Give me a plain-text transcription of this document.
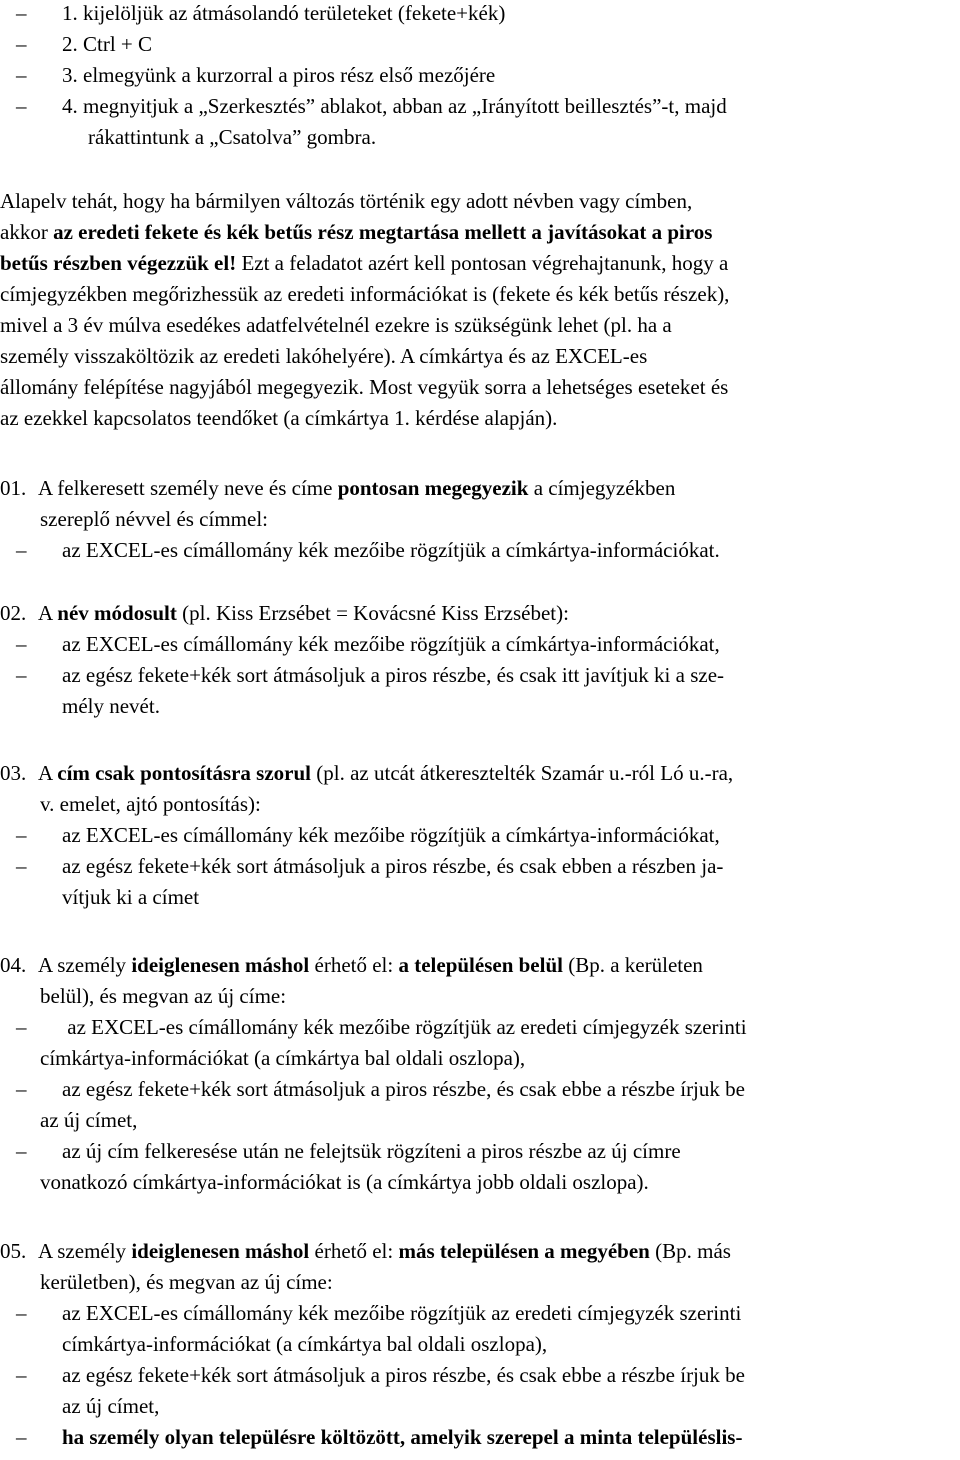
– 1. kijelöljük az átmásolandó területeket (fekete+kék)
– 2. Ctrl + C
– 3. elmegyünk a kurzorral a piros rész első mezőjére
– 4. megnyitjuk a „Szerkesztés” ablakot, abban az „Irányított beillesztés”-t, majd
rákattintunk a „Csatolva” gombra.
Alapelv tehát, hogy ha bármilyen változás történik egy adott névben vagy címben,
akkor az eredeti fekete és kék betűs rész megtartása mellett a javításokat a piros
betűs részben végezzük el! Ezt a feladatot azért kell pontosan végrehajtanunk, hogy a
címjegyzékben megőrizhessük az eredeti információkat is (fekete és kék betűs részek),
mivel a 3 év múlva esedékes adatfelvételnél ezekre is szükségünk lehet (pl. ha a
személy visszaköltözik az eredeti lakóhelyére). A címkártya és az EXCEL-es
állomány felépítése nagyjából megegyezik. Most vegyük sorra a lehetséges eseteket és
az ezekkel kapcsolatos teendőket (a címkártya 1. kérdése alapján).
01. A felkeresett személy neve és címe pontosan megegyezik a címjegyzékben
szereplő névvel és címmel:
– az EXCEL-es címállomány kék mezőibe rögzítjük a címkártya-információkat.
02. A név módosult (pl. Kiss Erzsébet = Kovácsné Kiss Erzsébet):
– az EXCEL-es címállomány kék mezőibe rögzítjük a címkártya-információkat,
– az egész fekete+kék sort átmásoljuk a piros részbe, és csak itt javítjuk ki a sze-
mély nevét.
03. A cím csak pontosításra szorul (pl. az utcát átkeresztelték Szamár u.-ról Ló u.-ra,
v. emelet, ajtó pontosítás):
– az EXCEL-es címállomány kék mezőibe rögzítjük a címkártya-információkat,
– az egész fekete+kék sort átmásoljuk a piros részbe, és csak ebben a részben ja-
vítjuk ki a címet
04. A személy ideiglenesen máshol érhető el: a településen belül (Bp. a kerületen
belül), és megvan az új címe:
– az EXCEL-es címállomány kék mezőibe rögzítjük az eredeti címjegyzék szerinti
címkártya-információkat (a címkártya bal oldali oszlopa),
– az egész fekete+kék sort átmásoljuk a piros részbe, és csak ebbe a részbe írjuk be
az új címet,
– az új cím felkeresése után ne felejtsük rögzíteni a piros részbe az új címre
vonatkozó címkártya-információkat is (a címkártya jobb oldali oszlopa).
05. A személy ideiglenesen máshol érhető el: más településen a megyében (Bp. más
kerületben), és megvan az új címe:
– az EXCEL-es címállomány kék mezőibe rögzítjük az eredeti címjegyzék szerinti
címkártya-információkat (a címkártya bal oldali oszlopa),
– az egész fekete+kék sort átmásoljuk a piros részbe, és csak ebbe a részbe írjuk be
az új címet,
– ha személy olyan településre költözött, amelyik szerepel a minta településlis-
